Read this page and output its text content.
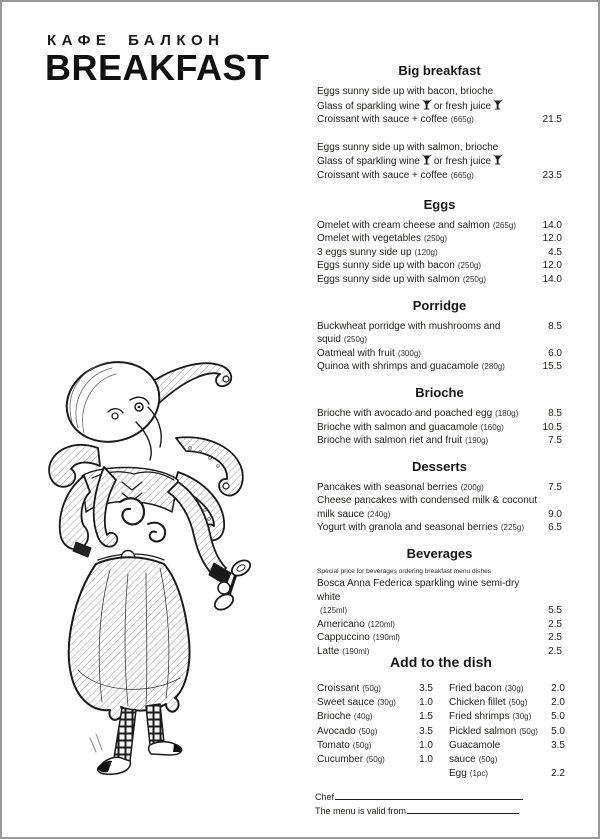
КАФЕ БАЛКОН
BREAKFAST	Big breakfast
Eggs sunny side up with bacon, brioche
Glass of sparkling wine or fresh juice
Croissant with sauce + coffee (665g)	21.5
Eggs sunny side up with salmon, brioche
Glass of sparkling wine or fresh juice
Croissant with sauce + coffee (665g)	23.5
Eggs
Omelet with cream cheese and salmon (265g)	14.0
Omelet with vegetables (250g)	12.0
3 eggs sunny side up (120g)	4.5
Eggs sunny side up with bacon (250g)	12.0
Eggs sunny side up with salmon (250g)	14.0
Porridge
Buckwheat porridge with mushrooms and squid (250g)
8.5
Oatmeal with fruit (300g)	6.0
Quinoa with shrimps and guacamole (280g)	15.5
Brioche
Brioche with avocado and poached egg (180g)	8.5
Brioche with salmon and guacamole (160g)	10.5
Brioche with salmon riet and fruit (190g)	7.5
Desserts
Pancakes with seasonal berries (200g)	7.5
Cheese pancakes with condensed milk & coconut milk sauce (240g)	9.0
Yogurt with granola and seasonal berries (225g)	6.5
Beverages
Special price for beverages ordering breakfast menu dishes
Bosca Anna Federica sparkling wine semi-dry white
(125ml)	5.5
Americano (120ml)	2.5
Cappuccino (190ml)	2.5
Latte (190ml)	2.5
Add to the dish
Croissant (50g)	3.5
Sweet sauce (30g)	1.0
Brioche (40g)	1.5
Avocado (50g)	3.5
Tomato (50g)	1.0
Cucumber (50g)	1.0
Fried bacon (30g)	2.0
Chicken fillet (50g)	2.0
Fried shrimps (30g)	5.0
Pickled salmon (50g)	5.0
Guacamole sauce (50g)
3.5
Egg (1pc)	2.2
Chef
The menu is valid from
